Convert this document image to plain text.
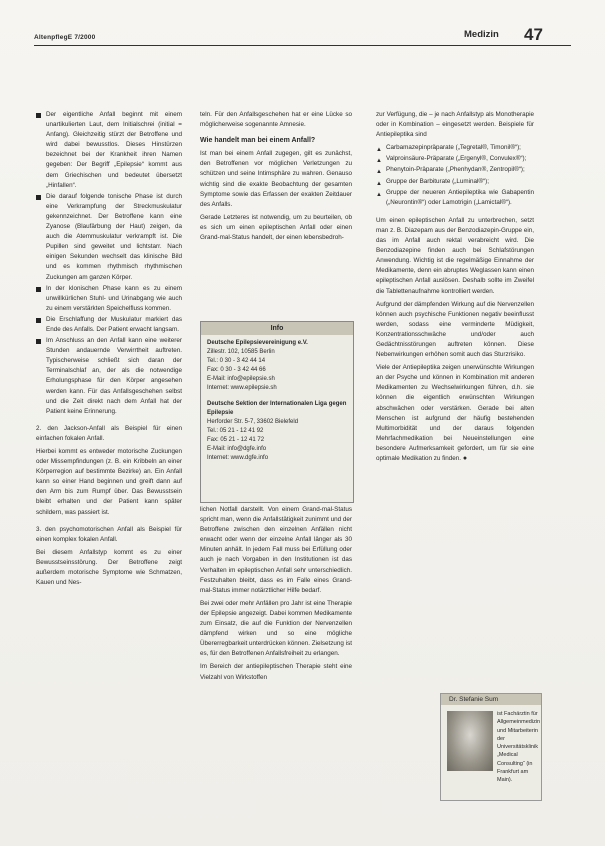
AltenpflegE 7/2000	Medizin 47
Der eigentliche Anfall beginnt mit einem unartikulierten Laut, dem Initialschrei (initial = Anfang). Gleichzeitig stürzt der Betroffene und wird dabei bewusstlos. Dieses Hinstürzen bezeichnet bei der Krankheit ihren Namen gegeben: Der Begriff „Epilepsie“ kommt aus dem Griechischen und bedeutet übersetzt „Hinfallen“.
Die darauf folgende tonische Phase ist durch eine Verkrampfung der Streckmuskulatur gekennzeichnet. Der Betroffene kann eine Zyanose (Blaufärbung der Haut) zeigen, da auch die Atemmuskulatur verkrampft ist. Die Pupillen sind geweitet und lichtstarr. Nach einigen Sekunden wechselt das klinische Bild und es kommen rhythmisch rhythmischen Zuckungen am ganzen Körper.
In der klonischen Phase kann es zu einem unwillkürlichen Stuhl- und Urinabgang wie auch zu einem verstärkten Speichelfluss kommen.
Die Erschlaffung der Muskulatur markiert das Ende des Anfalls. Der Patient erwacht langsam.
Im Anschluss an den Anfall kann eine weiterer Stunden andauernde Verwirrtheit auftreten. Typischerweise schließt sich daran der Terminalschlaf an, der als die notwendige Erholungsphase für den Körper angesehen werden kann. Für das Anfallsgeschehen selbst und die Zeit direkt nach dem Anfall hat der Patient keine Erinnerung.

2. den Jackson-Anfall als Beispiel für einen einfachen fokalen Anfall.

Hierbei kommt es entweder motorische Zuckungen oder Missempfindungen (z. B. ein Kribbeln an einer Körperregion auf bestimmte Bezirke) an. Ein Anfall kann so einer Hand beginnen und greift dann auf den Arm bis zum Rumpf über. Das Bewusstsein bleibt erhalten und der Patient kann später schildern, was passiert ist.

3. den psychomotorischen Anfall als Beispiel für einen komplex fokalen Anfall.

Bei diesem Anfallstyp kommt es zu einer Bewusstseinsstörung. Der Betroffene zeigt außerdem motorische Symptome wie Schmatzen, Kauen und Nes-

teln. Für den Anfallsgeschehen hat er eine Lücke so möglicherweise sogenannte Amnesie.

Wie handelt man bei einem Anfall?

Ist man bei einem Anfall zugegen, gilt es zunächst, den Betroffenen vor möglichen Verletzungen zu schützen und seine Intimsphäre zu wahren. Genauso wichtig sind die exakte Beobachtung der gesamten Symptome sowie das Erfassen der exakten Zeitdauer des Anfalls.

Gerade Letzteres ist notwendig, um zu beurteilen, ob es sich um einen epileptischen Anfall oder einen Grand-mal-Status handelt, der einen lebensbedroh-

Info
Deutsche Epilepsievereinigung e.V.
Zillestr. 102, 10585 Berlin
Tel.: 0 30 - 3 42 44 14
Fax: 0 30 - 3 42 44 66
E-Mail: info@epilepsie.sh
Internet: www.epilepsie.sh
Deutsche Sektion der Internationalen Liga gegen Epilepsie
Herforder Str. 5-7, 33602 Bielefeld
Tel.: 05 21 - 12 41 92
Fax: 05 21 - 12 41 72
E-Mail: info@dgfe.info
Internet: www.dgfe.info

lichen Notfall darstellt. Von einem Grand-mal-Status spricht man, wenn die Anfallstätigkeit zunimmt und der Betroffene zwischen den einzelnen Anfällen nicht erwacht oder wenn der einzelne Anfall länger als 30 Minuten anhält. In jedem Fall muss bei Erfüllung oder auch je nach Vorgaben in den Institutionen ist das Verhalten im epileptischen Anfall sehr unterschiedlich. Festzuhalten bleibt, dass es im Falle eines Grand-mal-Status immer notärztlicher Hilfe bedarf.

Bei zwei oder mehr Anfällen pro Jahr ist eine Therapie der Epilepsie angezeigt. Dabei kommen Medikamente zum Einsatz, die auf die Funktion der Nervenzellen dämpfend wirken und so eine mögliche Übererregbarkeit unterdrücken können. Zielsetzung ist es, für den Betroffenen Anfallsfreiheit zu erlangen.

Im Bereich der antiepileptischen Therapie steht eine Vielzahl von Wirkstoffen

zur Verfügung, die – je nach Anfallstyp als Monotherapie oder in Kombination – eingesetzt werden. Beispiele für Antiepileptika sind

▲ Carbamazepinpräparate („Tegretal®, Timonil®“);
▲ Valproinsäure-Präparate („Ergenyl®, Convulex®“);
▲ Phenytoin-Präparate („Phenhydan®, Zentropil®“);
▲ Gruppe der Barbiturate („Luminal®“);
▲ Gruppe der neueren Antiepileptika wie Gabapentin („Neurontin®“) oder Lamotrigin („Lamictal®“).

Um einen epileptischen Anfall zu unterbrechen, setzt man z. B. Diazepam aus der Benzodiazepin-Gruppe ein, das im Anfall auch rektal verabreicht wird. Die Benzodiazepine finden auch bei Schlafstörungen Anwendung. Wichtig ist die regelmäßige Einnahme der Medikamente, denn ein abruptes Weglassen kann einen epileptischen Anfall auslösen. Deshalb sollte im Zweifel die Tablettenaufnahme kontrolliert werden.

Aufgrund der dämpfenden Wirkung auf die Nervenzellen können auch psychische Funktionen negativ beeinflusst werden, sodass eine verminderte Müdigkeit, Konzentrationsschwäche und/oder auch Gedächtnisstörungen auftreten können. Diese Nebenwirkungen erhöhen somit auch das Sturzrisiko.

Viele der Antiepileptika zeigen unerwünschte Wirkungen an der Psyche und können in Kombination mit anderen Medikamenten zu Wechselwirkungen führen, d.h. sie können die eigentlich erwünschten Wirkungen abschwächen oder verstärken. Gerade bei alten Menschen ist aufgrund der häufig bestehenden Multimorbidität und der daraus folgenden Mehrfachmedikation bei Neueinstellungen eine besondere Aufmerksamkeit gefordert, um für sie eine optimale Medikation zu finden. ●

Dr. Stefanie Sum
ist Fachärztin für Allgemeinmedizin und Mitarbeiterin der Universitätsklinik „Medical Consulting“ (in Frankfurt am Main).
